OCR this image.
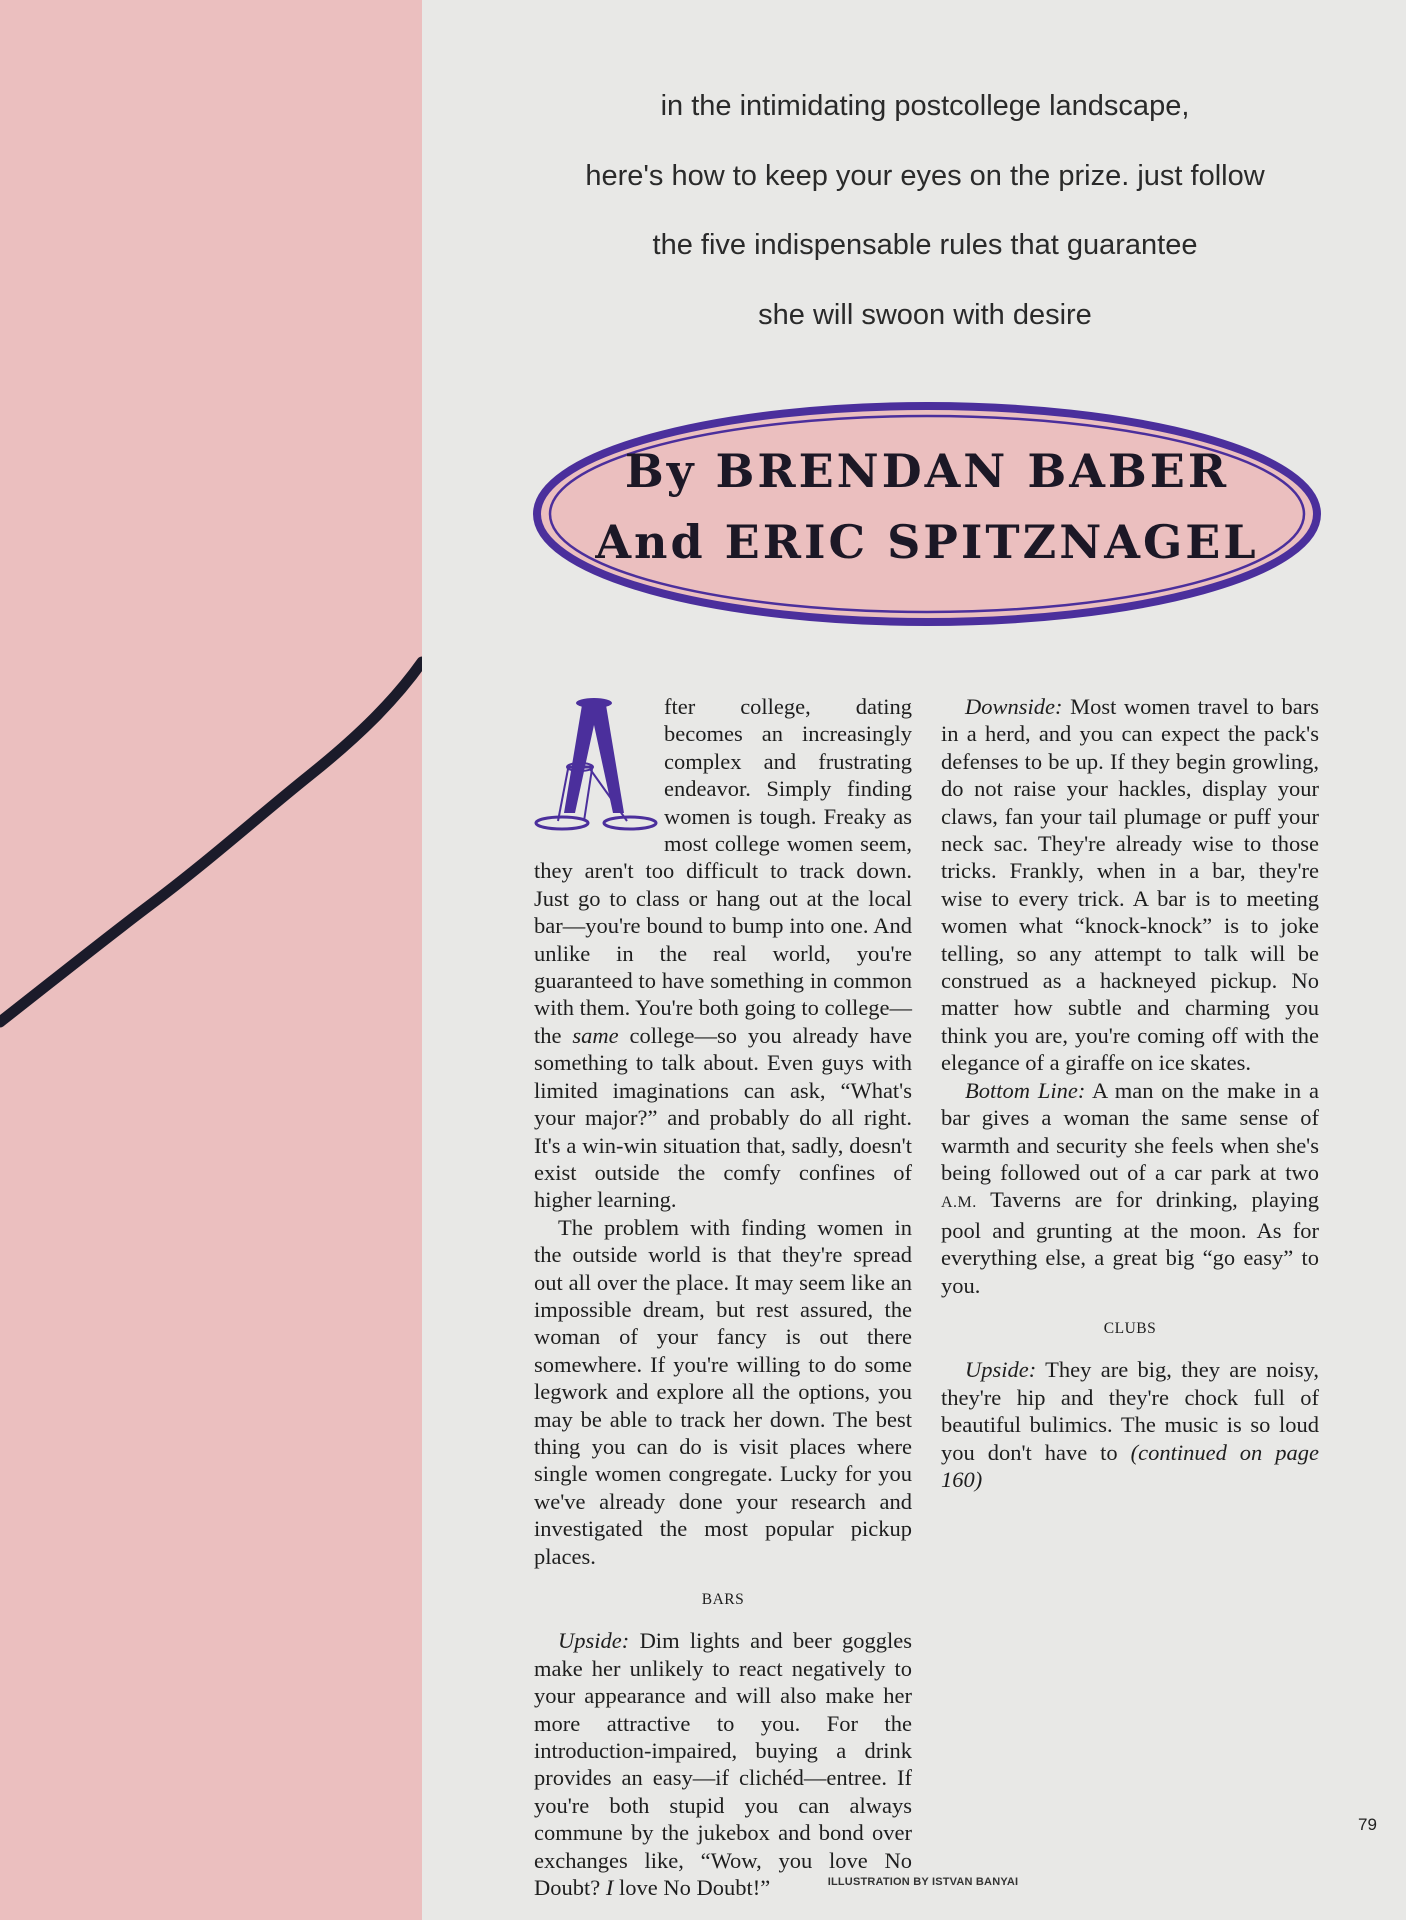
in the intimidating postcollege landscape,
here's how to keep your eyes on the prize. just follow
the five indispensable rules that guarantee
she will swoon with desire
By BRENDAN BABER
And ERIC SPITZNAGEL

fter college, dating becomes an increasingly complex and frustrating endeavor. Simply finding women is tough. Freaky as most college women seem, they aren't too difficult to track down. Just go to class or hang out at the local bar—you're bound to bump into one. And unlike in the real world, you're guaranteed to have something in common with them. You're both going to college—the same college—so you already have something to talk about. Even guys with limited imaginations can ask, “What's your major?” and probably do all right. It's a win-win situation that, sadly, doesn't exist outside the comfy confines of higher learning.

The problem with finding women in the outside world is that they're spread out all over the place. It may seem like an impossible dream, but rest assured, the woman of your fancy is out there somewhere. If you're willing to do some legwork and explore all the options, you may be able to track her down. The best thing you can do is visit places where single women congregate. Lucky for you we've already done your research and investigated the most popular pickup places.

BARS

Upside: Dim lights and beer goggles make her unlikely to react negatively to your appearance and will also make her more attractive to you. For the introduction-impaired, buying a drink provides an easy—if clichéd—entree. If you're both stupid you can always commune by the jukebox and bond over exchanges like, “Wow, you love No Doubt? I love No Doubt!”

Downside: Most women travel to bars in a herd, and you can expect the pack's defenses to be up. If they begin growling, do not raise your hackles, display your claws, fan your tail plumage or puff your neck sac. They're already wise to those tricks. Frankly, when in a bar, they're wise to every trick. A bar is to meeting women what “knock-knock” is to joke telling, so any attempt to talk will be construed as a hackneyed pickup. No matter how subtle and charming you think you are, you're coming off with the elegance of a giraffe on ice skates.

Bottom Line: A man on the make in a bar gives a woman the same sense of warmth and security she feels when she's being followed out of a car park at two A.M. Taverns are for drinking, playing pool and grunting at the moon. As for everything else, a great big “go easy” to you.

CLUBS

Upside: They are big, they are noisy, they're hip and they're chock full of beautiful bulimics. The music is so loud you don't have to (continued on page 160)

79
ILLUSTRATION BY ISTVAN BANYAI
